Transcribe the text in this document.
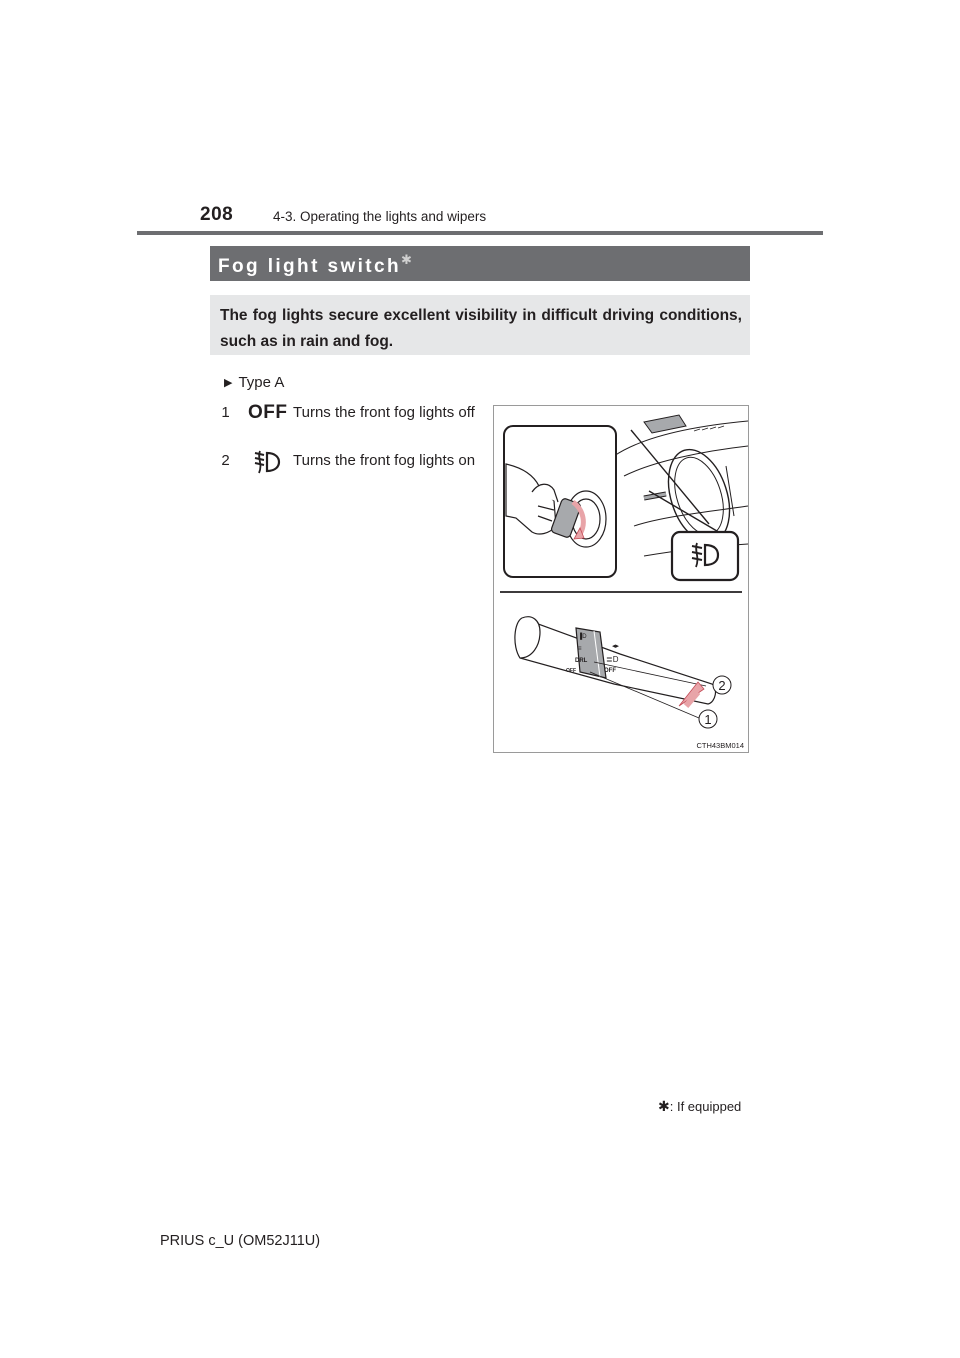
208	4-3. Operating the lights and wipers
Fog light switch✱
The fog lights secure excellent visibility in difficult driving conditions, such as in rain and fog.
▶ Type A
1 OFF Turns the front fog lights off
2	Turns the front fog lights on
▐D
≡
DRL
OFF
◂▸
≣D
OFF
2
1
CTH43BM014
✱: If equipped
PRIUS c_U (OM52J11U)
